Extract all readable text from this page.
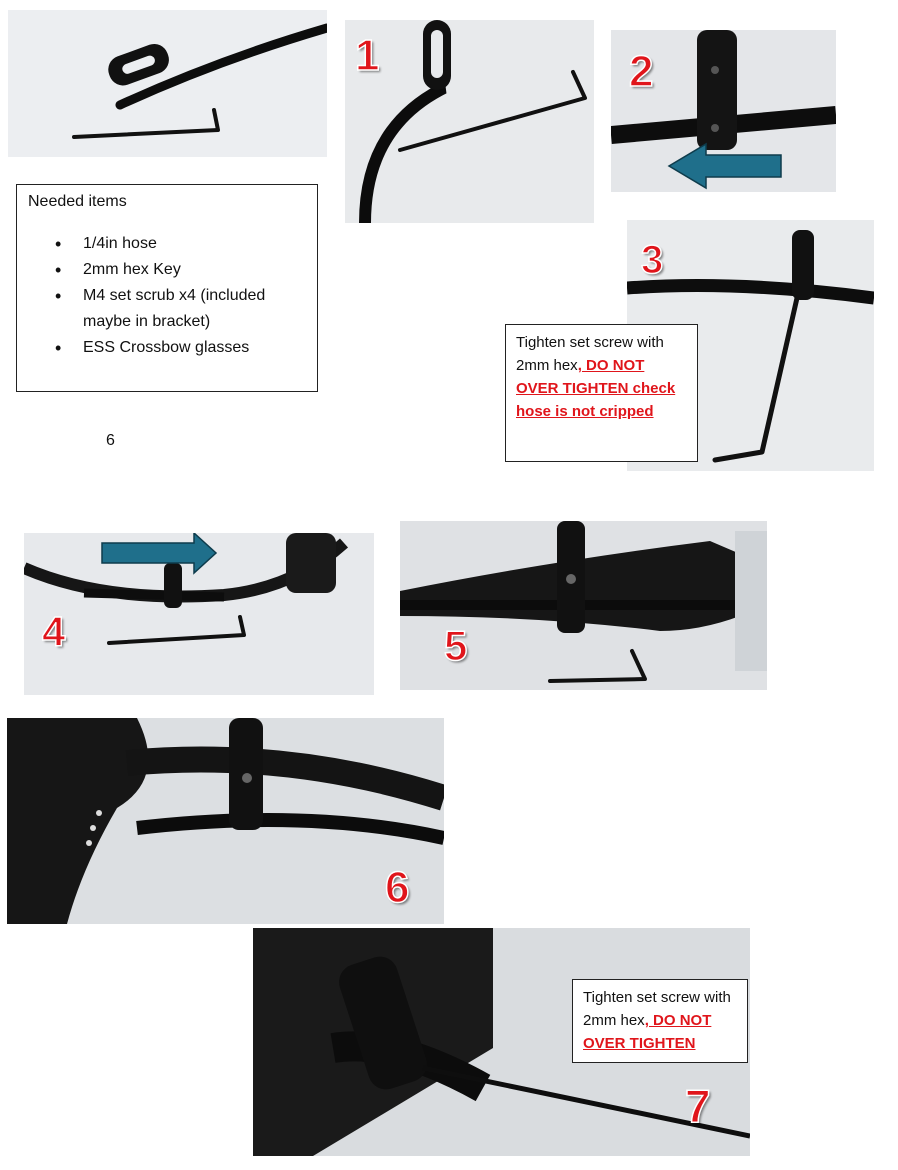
1	2
3
Needed items
• 1/4in hose
• 2mm hex Key
• M4 set scrub x4 (included maybe in bracket)
• ESS Crossbow glasses
6
Tighten set screw with 2mm hex, DO NOT OVER TIGHTEN check hose is not cripped
4	5
6
7
Tighten set screw with 2mm hex, DO NOT OVER TIGHTEN
